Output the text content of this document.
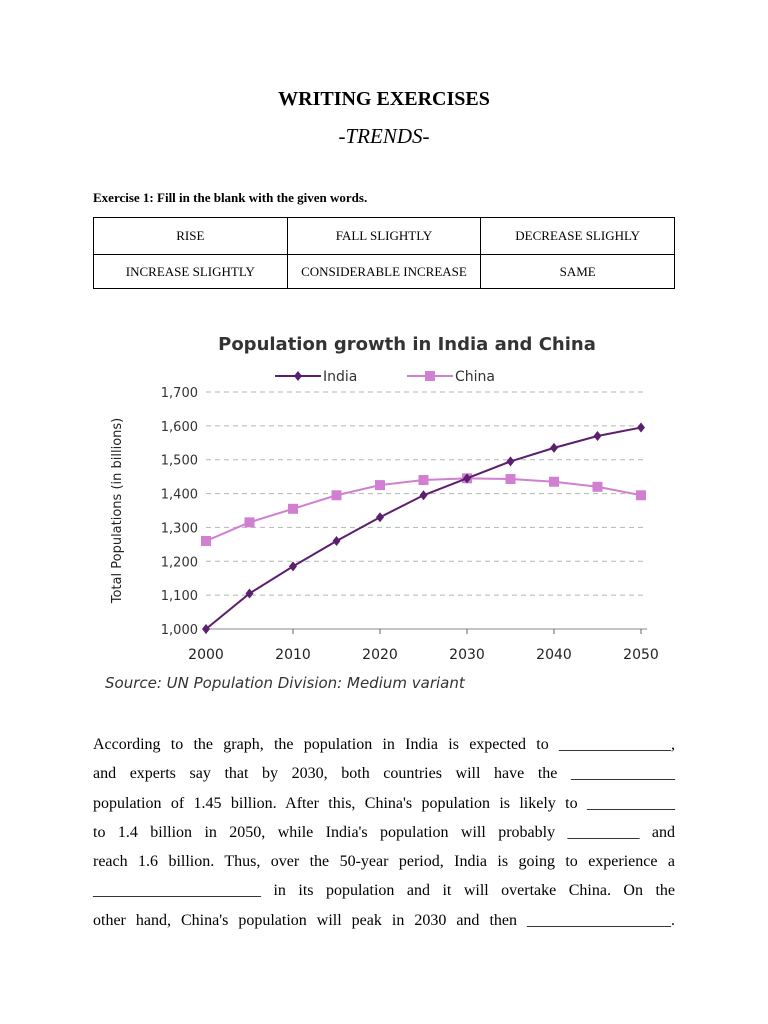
WRITING EXERCISES
-TRENDS-
Exercise 1: Fill in the blank with the given words.
RISE	FALL SLIGHTLY	DECREASE SLIGHLY
INCREASE SLIGHTLY	CONSIDERABLE INCREASE	SAME
Population growth in India and China
India	China
1,000
1,100
1,200
1,300
1,400
1,500
1,600
1,700
2000	2010	2020	2030	2040	2050
Total Populations (in billions)
Source: UN Population Division: Medium variant
According to the graph, the population in India is expected to ______________,
and experts say that by 2030, both countries will have the _____________
population of 1.45 billion. After this, China's population is likely to ___________
to 1.4 billion in 2050, while India's population will probably _________ and
reach 1.6 billion. Thus, over the 50-year period, India is going to experience a
_____________________ in its population and it will overtake China. On the
other hand, China's population will peak in 2030 and then __________________.
